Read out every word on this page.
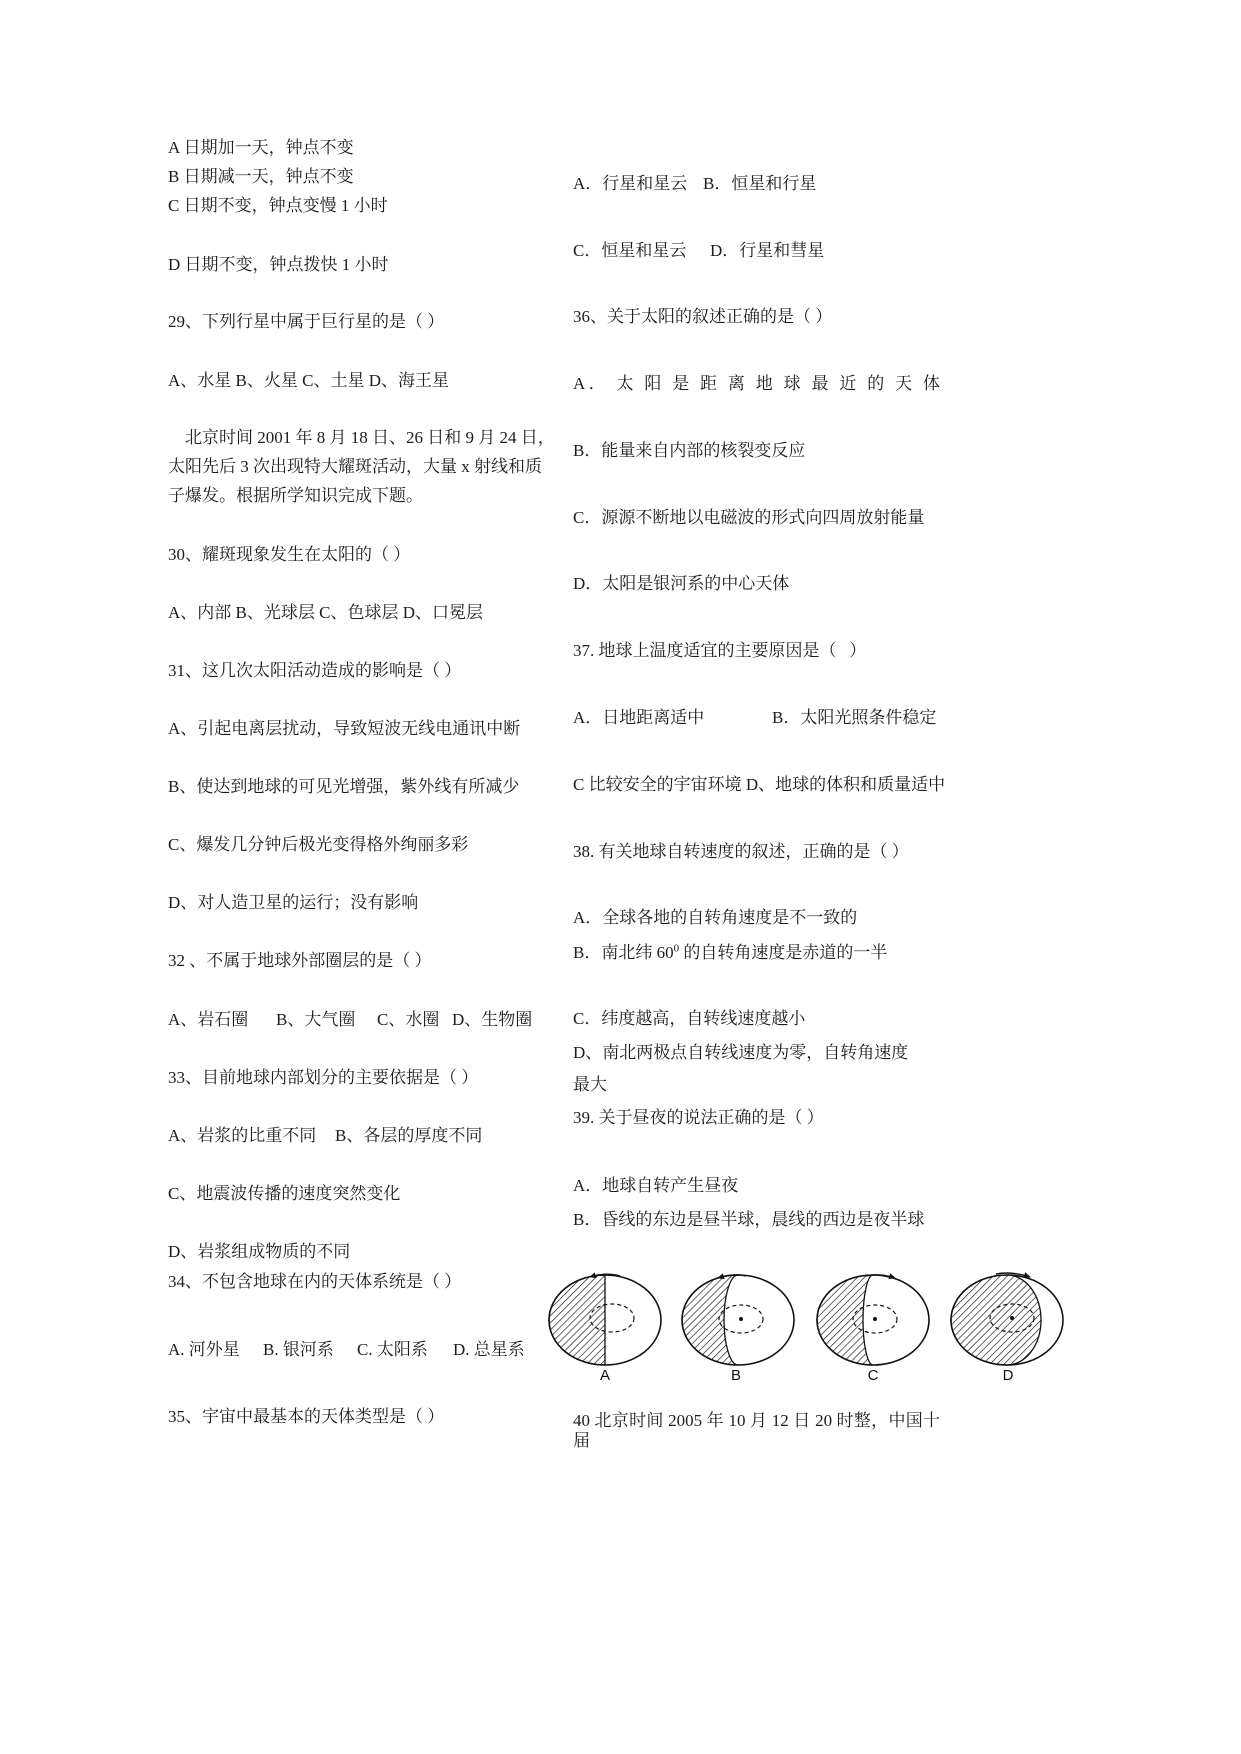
A 日期加一天，钟点不变
B 日期减一天，钟点不变
C 日期不变，钟点变慢 1 小时
D 日期不变，钟点拨快 1 小时
29、下列行星中属于巨行星的是（ ）
A、水星 B、火星 C、土星 D、海王星
北京时间 2001 年 8 月 18 日、26 日和 9 月 24 日，
太阳先后 3 次出现特大耀斑活动，大量 x 射线和质
子爆发。根据所学知识完成下题。
30、耀斑现象发生在太阳的（ ）
A、内部 B、光球层 C、色球层 D、口冕层
31、这几次太阳活动造成的影响是（ ）
A、引起电离层扰动，导致短波无线电通讯中断
B、使达到地球的可见光增强，紫外线有所减少
C、爆发几分钟后极光变得格外绚丽多彩
D、对人造卫星的运行；没有影响
32 、不属于地球外部圈层的是（ ）
A、岩石圈 B、大气圈 C、水圈 D、生物圈
33、目前地球内部划分的主要依据是（ ）
A、岩浆的比重不同 B、各层的厚度不同
C、地震波传播的速度突然变化
D、岩浆组成物质的不同
34、不包含地球在内的天体系统是（ ）
A. 河外星 B. 银河系 C. 太阳系 D. 总星系
35、宇宙中最基本的天体类型是（ ）
A．行星和星云 B．恒星和行星
C．恒星和星云 D．行星和彗星
36、关于太阳的叙述正确的是（ ）
A． 太 阳 是 距 离 地 球 最 近 的 天 体
B．能量来自内部的核裂变反应
C．源源不断地以电磁波的形式向四周放射能量
D．太阳是银河系的中心天体
37. 地球上温度适宜的主要原因是（   ）
A．日地距离适中	B．太阳光照条件稳定
C 比较安全的宇宙环境 D、地球的体积和质量适中
38. 有关地球自转速度的叙述，正确的是（ ）
A．全球各地的自转角速度是不一致的
B．南北纬 $60^0$ 的自转角速度是赤道的一半
C．纬度越高，自转线速度越小
D、南北两极点自转线速度为零，自转角速度
最大
39. 关于昼夜的说法正确的是（ ）
A．地球自转产生昼夜
B．昏线的东边是昼半球，晨线的西边是夜半球
A	B	C	D
40 北京时间 2005 年 10 月 12 日 20 时整，中国十届
